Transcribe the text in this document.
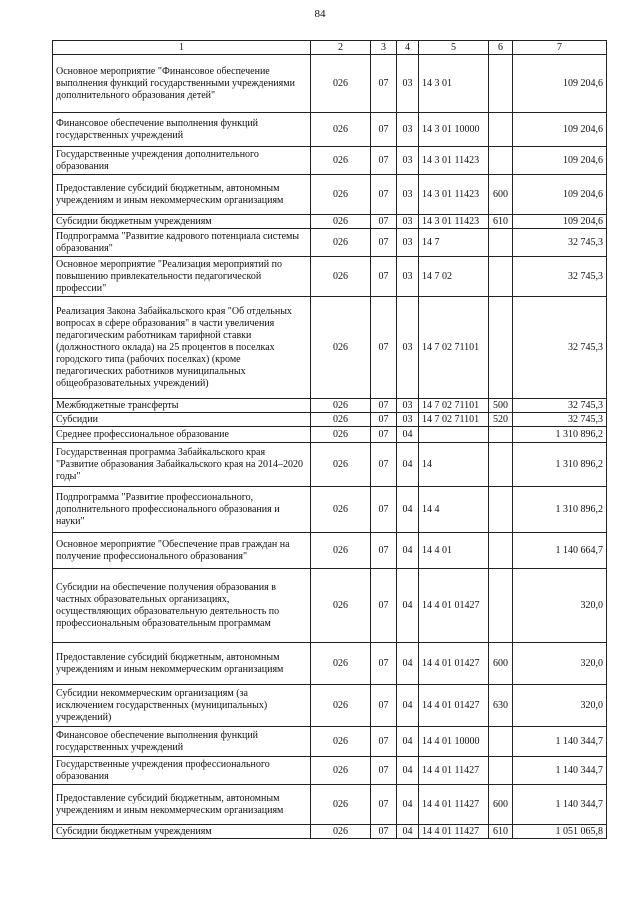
84
1	2	3	4	5	6	7
Основное мероприятие "Финансовое обеспечение выполнения функций государственными учреждениями дополнительного образования детей"	026	07	03	14 3 01		109 204,6
Финансовое обеспечение выполнения функций государственных учреждений	026	07	03	14 3 01 10000		109 204,6
Государственные учреждения дополнительного образования	026	07	03	14 3 01 11423		109 204,6
Предоставление субсидий бюджетным, автономным учреждениям и иным некоммерческим организациям	026	07	03	14 3 01 11423	600	109 204,6
Субсидии бюджетным учреждениям	026	07	03	14 3 01 11423	610	109 204,6
Подпрограмма "Развитие кадрового потенциала системы образования"	026	07	03	14 7		32 745,3
Основное мероприятие "Реализация мероприятий по повышению привлекательности педагогической профессии"	026	07	03	14 7 02		32 745,3
Реализация Закона Забайкальского края "Об отдельных вопросах в сфере образования" в части увеличения педагогическим работникам тарифной ставки (должностного оклада) на 25 процентов в поселках городского типа (рабочих поселках) (кроме педагогических работников муниципальных общеобразовательных учреждений)	026	07	03	14 7 02 71101		32 745,3
Межбюджетные трансферты	026	07	03	14 7 02 71101	500	32 745,3
Субсидии	026	07	03	14 7 02 71101	520	32 745,3
Среднее профессиональное образование	026	07	04			1 310 896,2
Государственная программа Забайкальского края "Развитие образования Забайкальского края на 2014–2020 годы"	026	07	04	14		1 310 896,2
Подпрограмма "Развитие профессионального, дополнительного профессионального образования и науки"	026	07	04	14 4		1 310 896,2
Основное мероприятие "Обеспечение прав граждан на получение профессионального образования"	026	07	04	14 4 01		1 140 664,7
Субсидии на обеспечение получения образования в частных образовательных организациях, осуществляющих образовательную деятельность по профессиональным образовательным программам	026	07	04	14 4 01 01427		320,0
Предоставление субсидий бюджетным, автономным учреждениям и иным некоммерческим организациям	026	07	04	14 4 01 01427	600	320,0
Субсидии некоммерческим организациям (за исключением государственных (муниципальных) учреждений)	026	07	04	14 4 01 01427	630	320,0
Финансовое обеспечение выполнения функций государственных учреждений	026	07	04	14 4 01 10000		1 140 344,7
Государственные учреждения профессионального образования	026	07	04	14 4 01 11427		1 140 344,7
Предоставление субсидий бюджетным, автономным учреждениям и иным некоммерческим организациям	026	07	04	14 4 01 11427	600	1 140 344,7
Субсидии бюджетным учреждениям	026	07	04	14 4 01 11427	610	1 051 065,8
